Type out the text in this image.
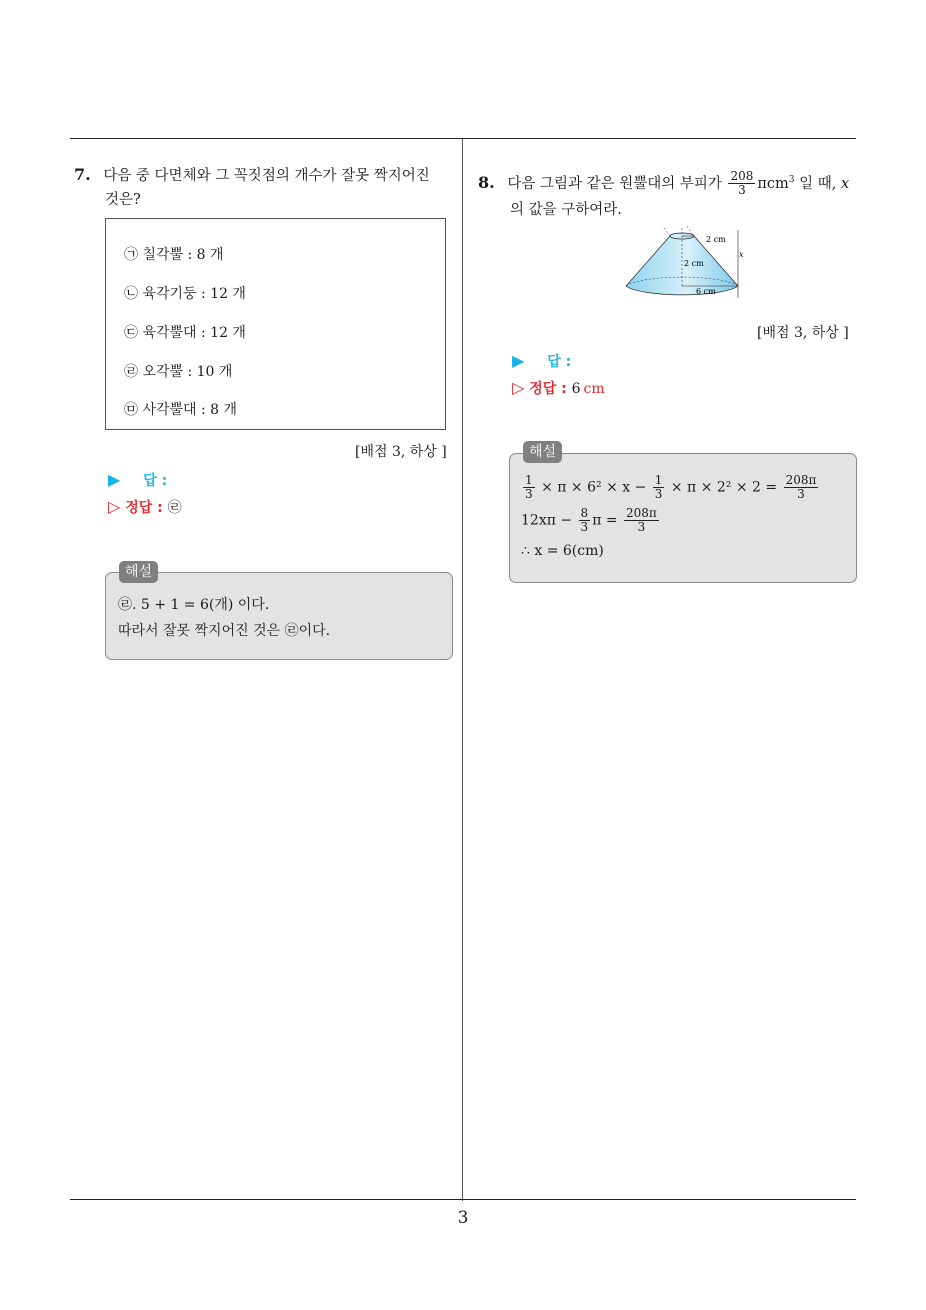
7. 다음 중 다면체와 그 꼭짓점의 개수가 잘못 짝지어진
것은?
㉠ 칠각뿔 : 8 개
㉡ 육각기둥 : 12 개
㉢ 육각뿔대 : 12 개
㉣ 오각뿔 : 10 개
㉤ 사각뿔대 : 8 개
[배점 3, 하상 ]
▶ 답 :
▷ 정답 : ㉣
해설
㉣. 5 + 1 = 6(개) 이다.
따라서 잘못 짝지어진 것은 ㉣이다.
8. 다음 그림과 같은 원뿔대의 부피가 $\frac{208}{3} \pi cm^3$ 일 때, x
의 값을 구하여라.
2 cm
2 cm
6 cm
x
[배점 3, 하상 ]
▶ 답 :
▷ 정답 : 6 cm
해설
$\frac{1}{3} \times \pi \times 6^2 \times x - \frac{1}{3} \times \pi \times 2^2 \times 2 = \frac{208\pi}{3}$
$12x\pi - \frac{8}{3}$ $\pi = \frac{208\pi}{3}$
∴ x = 6(cm)
3
